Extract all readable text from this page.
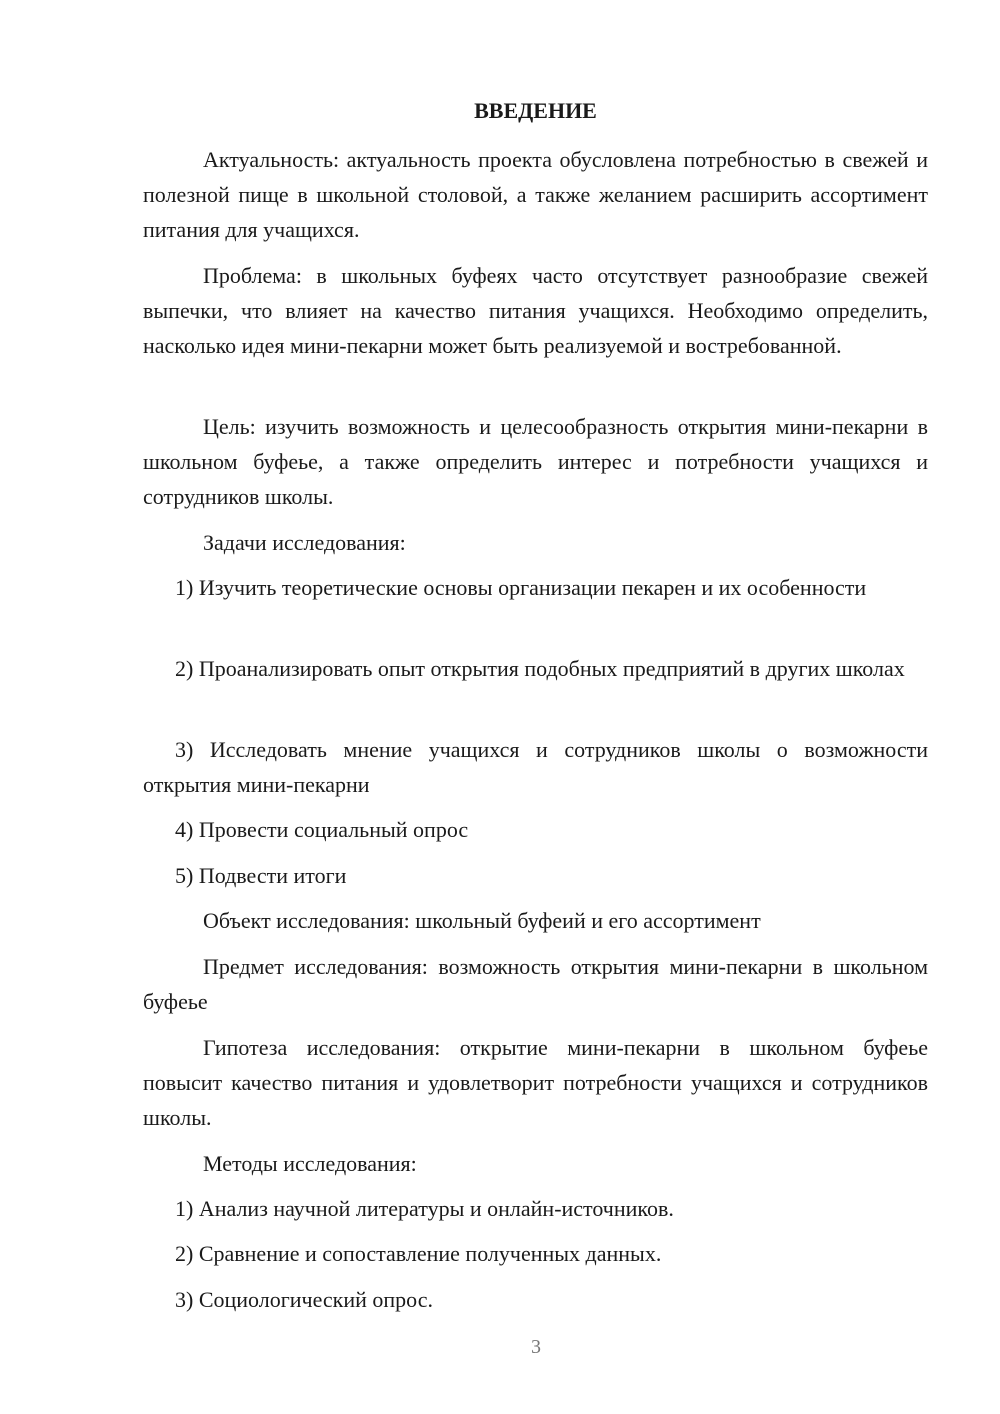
ВВЕДЕНИЕ

Актуальность: актуальность проекта обусловлена потребностью в свежей и полезной пище в школьной столовой, а также желанием расширить ассортимент питания для учащихся.

Проблема: в школьных буфеях часто отсутствует разнообразие свежей выпечки, что влияет на качество питания учащихся. Необходимо определить, насколько идея мини-пекарни может быть реализуемой и востребованной.

Цель: изучить возможность и целесообразность открытия мини-пекарни в школьном буфеье, а также определить интерес и потребности учащихся и сотрудников школы.

Задачи исследования:

1) Изучить теоретические основы организации пекарен и их особенности

2) Проанализировать опыт открытия подобных предприятий в других школах

3) Исследовать мнение учащихся и сотрудников школы о возможности открытия мини-пекарни

4) Провести социальный опрос

5) Подвести итоги

Объект исследования: школьный буфеий и его ассортимент

Предмет исследования: возможность открытия мини-пекарни в школьном буфеье

Гипотеза исследования: открытие мини-пекарни в школьном буфеье повысит качество питания и удовлетворит потребности учащихся и сотрудников школы.

Методы исследования:

1) Анализ научной литературы и онлайн-источников.

2) Сравнение и сопоставление полученных данных.

3) Социологический опрос.

3
